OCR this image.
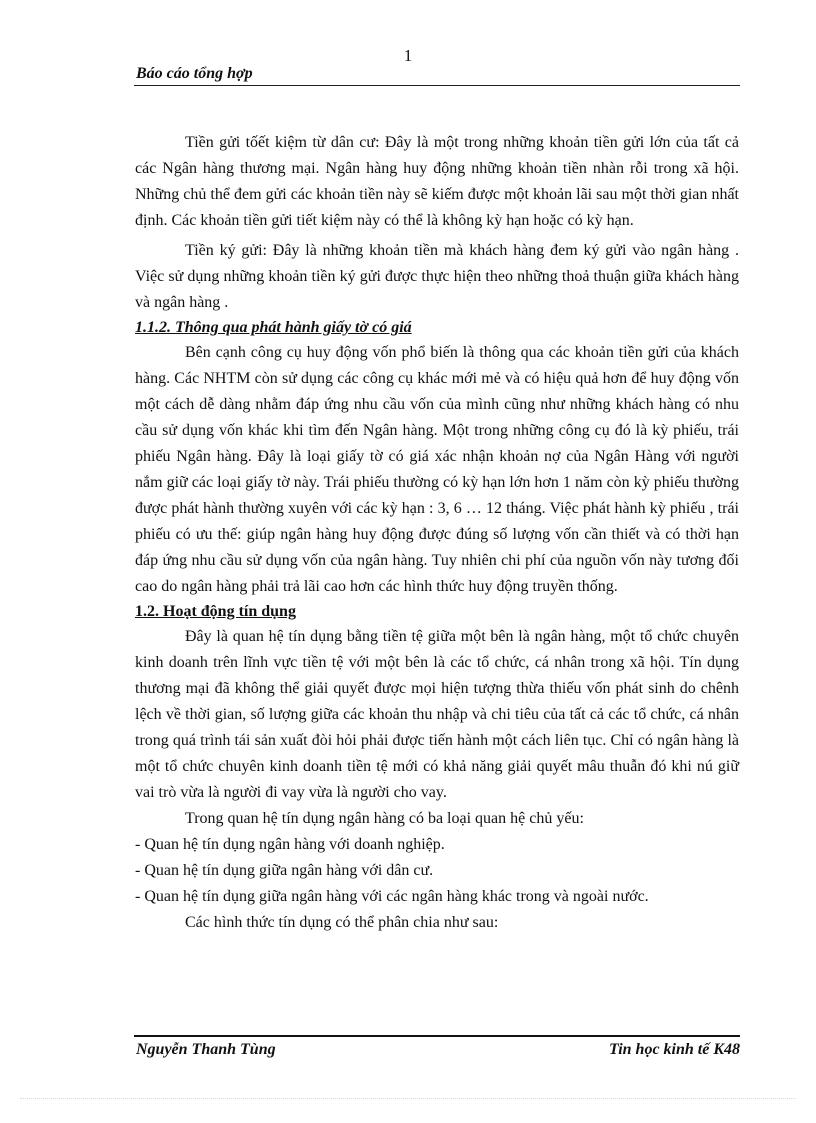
1
Báo cáo tổng hợp

Tiền gửi tốết kiệm từ dân cư: Đây là một trong những khoản tiền gửi lớn của tất cả các Ngân hàng thương mại. Ngân hàng huy động những khoản tiền nhàn rỗi trong xã hội. Những chủ thể đem gửi các khoản tiền này sẽ kiếm được một khoản lãi sau một thời gian nhất định. Các khoản tiền gửi tiết kiệm này có thể là không kỳ hạn hoặc có kỳ hạn.

Tiền ký gửi: Đây là những khoản tiền mà khách hàng đem ký gửi vào ngân hàng . Việc sử dụng những khoản tiền ký gửi được thực hiện theo những thoả thuận giữa khách hàng và ngân hàng .

1.1.2. Thông qua phát hành giấy tờ có giá

Bên cạnh công cụ huy động vốn phổ biến là thông qua các khoản tiền gửi của khách hàng. Các NHTM còn sử dụng các công cụ khác mới mẻ và có hiệu quả hơn để huy động vốn một cách dễ dàng nhằm đáp ứng nhu cầu vốn của mình cũng như những khách hàng có nhu cầu sử dụng vốn khác khi tìm đến Ngân hàng. Một trong những công cụ đó là kỳ phiếu, trái phiếu Ngân hàng. Đây là loại giấy tờ có giá xác nhận khoản nợ của Ngân Hàng với người nắm giữ các loại giấy tờ này. Trái phiếu thường có kỳ hạn lớn hơn 1 năm còn kỳ phiếu thường được phát hành thường xuyên với các kỳ hạn : 3, 6 … 12 tháng. Việc phát hành kỳ phiếu , trái phiếu có ưu thế: giúp ngân hàng huy động được đúng số lượng vốn cần thiết và có thời hạn đáp ứng nhu cầu sử dụng vốn của ngân hàng. Tuy nhiên chi phí của nguồn vốn này tương đối cao do ngân hàng phải trả lãi cao hơn các hình thức huy động truyền thống.

1.2. Hoạt động tín dụng

Đây là quan hệ tín dụng bằng tiền tệ giữa một bên là ngân hàng, một tổ chức chuyên kinh doanh trên lĩnh vực tiền tệ với một bên là các tổ chức, cá nhân trong xã hội. Tín dụng thương mại đã không thể giải quyết được mọi hiện tượng thừa thiếu vốn phát sinh do chênh lệch về thời gian, số lượng giữa các khoản thu nhập và chi tiêu của tất cả các tổ chức, cá nhân trong quá trình tái sản xuất đòi hỏi phải được tiến hành một cách liên tục. Chỉ có ngân hàng là một tổ chức chuyên kinh doanh tiền tệ mới có khả năng giải quyết mâu thuẫn đó khi nú giữ vai trò vừa là người đi vay vừa là người cho vay.

Trong quan hệ tín dụng ngân hàng có ba loại quan hệ chủ yếu:

- Quan hệ tín dụng ngân hàng với doanh nghiệp.

- Quan hệ tín dụng giữa ngân hàng với dân cư.

- Quan hệ tín dụng giữa ngân hàng với các ngân hàng khác trong và ngoài nước.

Các hình thức tín dụng có thể phân chia như sau:

Nguyễn Thanh Tùng	Tin học kinh tế K48
